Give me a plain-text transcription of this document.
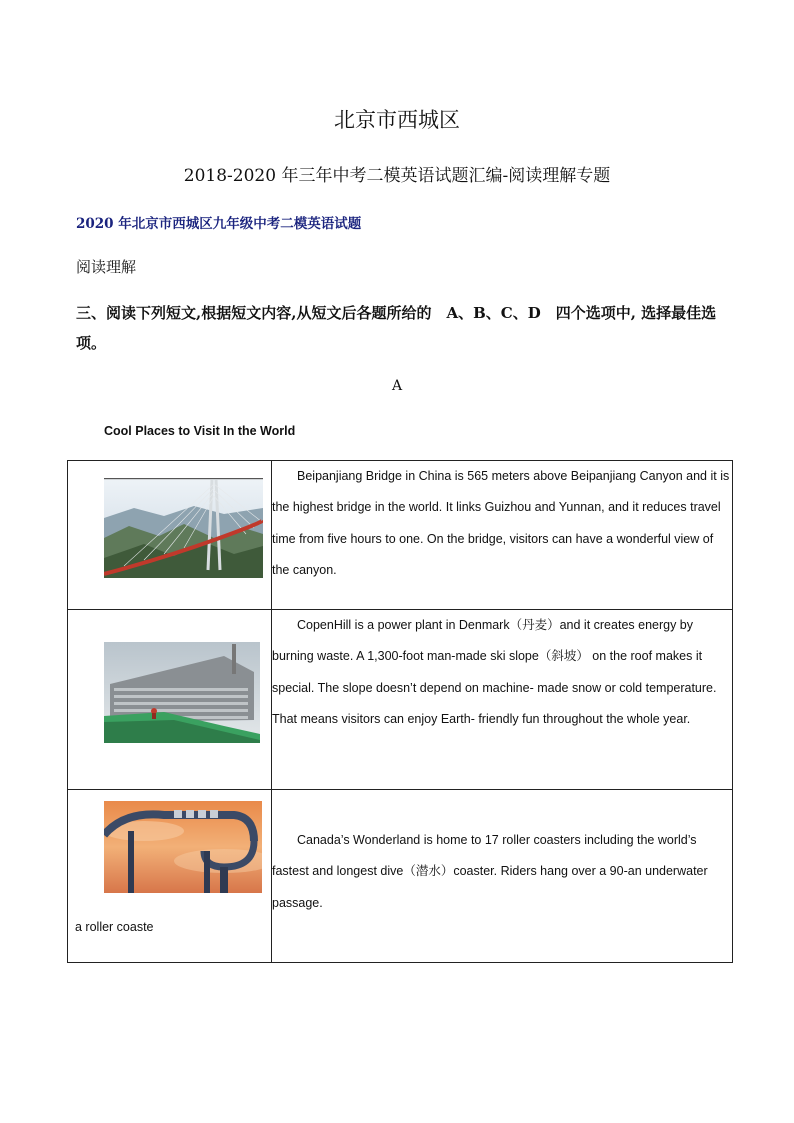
北京市西城区
2018-2020 年三年中考二模英语试题汇编-阅读理解专题
2020 年北京市西城区九年级中考二模英语试题
阅读理解
三、阅读下列短文,根据短文内容,从短文后各题所给的　A、B、C、D　四个选项中, 选择最佳选项。
A
Cool Places to Visit In the World

Beipanjiang Bridge in China is 565 meters above Beipanjiang Canyon and it is the highest bridge in the world. It links Guizhou and Yunnan, and it reduces travel time from five hours to one. On the bridge, visitors can have a wonderful view of the canyon.

CopenHill is a power plant in Denmark（丹麦）and it creates energy by burning waste. A 1,300-foot man-made ski slope（斜坡） on the roof makes it special. The slope doesn’t depend on machine- made snow or cold temperature. That means visitors can enjoy Earth- friendly fun throughout the whole year.

a roller coaste	Canada’s Wonderland is home to 17 roller coasters including the world’s fastest and longest dive（潜水）coaster. Riders hang over a 90-an underwater passage.
